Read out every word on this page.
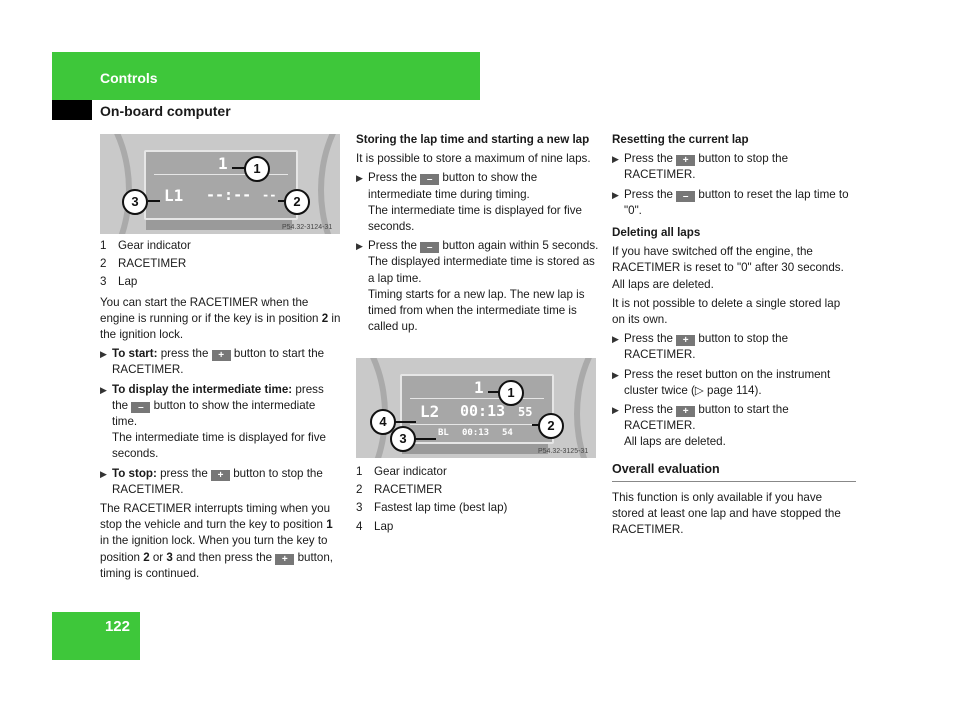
Controls
On-board computer
122
1
L1 --:-- --
1
2
3
P54.32-3124-31
1 Gear indicator
2 RACETIMER
3 Lap

You can start the RACETIMER when the engine is running or if the key is in position 2 in the ignition lock.

▶ To start: press the + button to start the RACETIMER.
▶ To display the intermediate time: press the – button to show the intermediate time.
The intermediate time is displayed for five seconds.
▶ To stop: press the + button to stop the RACETIMER.

The RACETIMER interrupts timing when you stop the vehicle and turn the key to position 1 in the ignition lock. When you turn the key to position 2 or 3 and then press the + button, timing is continued.

Storing the lap time and starting a new lap

It is possible to store a maximum of nine laps.

▶ Press the – button to show the intermediate time during timing.
The intermediate time is displayed for five seconds.
▶ Press the – button again within 5 seconds.
The displayed intermediate time is stored as a lap time.
Timing starts for a new lap. The new lap is timed from when the intermediate time is called up.
1
L2 00:13 55
BL 00:13 54
1
2
4
3
P54.32-3125-31
1 Gear indicator
2 RACETIMER
3 Fastest lap time (best lap)
4 Lap
Resetting the current lap
▶ Press the + button to stop the RACETIMER.
▶ Press the – button to reset the lap time to "0".
Deleting all laps

If you have switched off the engine, the RACETIMER is reset to "0" after 30 seconds. All laps are deleted.

It is not possible to delete a single stored lap on its own.

▶ Press the + button to stop the RACETIMER.
▶ Press the reset button on the instrument cluster twice (▷ page 114).
▶ Press the + button to start the RACETIMER.
All laps are deleted.
Overall evaluation

This function is only available if you have stored at least one lap and have stopped the RACETIMER.
